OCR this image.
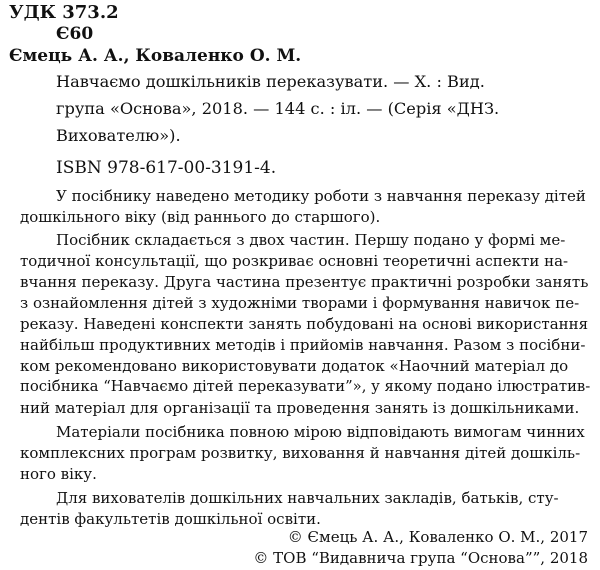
УДК 373.2
Є60
Ємець А. А., Коваленко О. М.
Навчаємо дошкільників переказувати. — Х. : Вид.
група «Основа», 2018. — 144 с. : іл. — (Серія «ДНЗ.
Вихователю»).
ISBN 978-617-00-3191-4.
У посібнику наведено методику роботи з навчання переказу дітей
дошкільного віку (від раннього до старшого).
Посібник складається з двох частин. Першу подано у формі ме-
тодичної консультації, що розкриває основні теоретичні аспекти на-
вчання переказу. Друга частина презентує практичні розробки занять
з ознайомлення дітей з художніми творами і формування навичок пе-
реказу. Наведені конспекти занять побудовані на основі використання
найбільш продуктивних методів і прийомів навчання. Разом з посібни-
ком рекомендовано використовувати додаток «Наочний матеріал до
посібника “Навчаємо дітей переказувати”», у якому подано ілюстратив-
ний матеріал для організації та проведення занять із дошкільниками.
Матеріали посібника повною мірою відповідають вимогам чинних
комплексних програм розвитку, виховання й навчання дітей дошкіль-
ного віку.
Для вихователів дошкільних навчальних закладів, батьків, сту-
дентів факультетів дошкільної освіти.
© Ємець А. А., Коваленко О. М., 2017
© ТОВ “Видавнича група “Основа””, 2018
